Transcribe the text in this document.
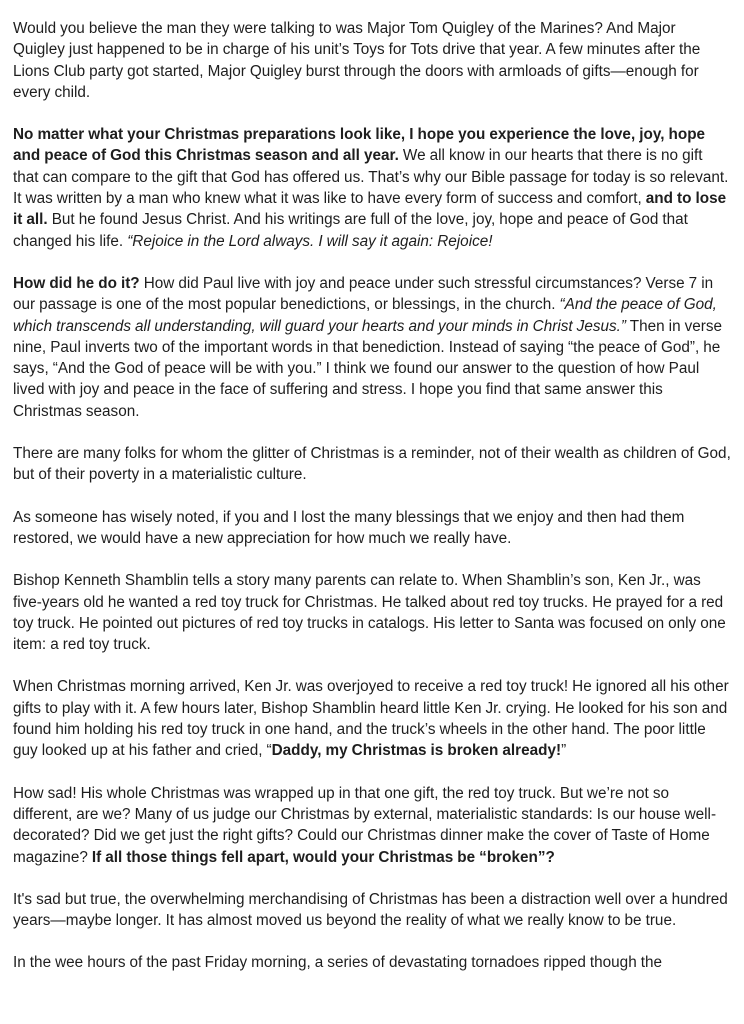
Would you believe the man they were talking to was Major Tom Quigley of the Marines? And Major Quigley just happened to be in charge of his unit’s Toys for Tots drive that year. A few minutes after the Lions Club party got started, Major Quigley burst through the doors with armloads of gifts—enough for every child.

No matter what your Christmas preparations look like, I hope you experience the love, joy, hope and peace of God this Christmas season and all year. We all know in our hearts that there is no gift that can compare to the gift that God has offered us. That’s why our Bible passage for today is so relevant. It was written by a man who knew what it was like to have every form of success and comfort, and to lose it all. But he found Jesus Christ. And his writings are full of the love, joy, hope and peace of God that changed his life. “Rejoice in the Lord always. I will say it again: Rejoice!

How did he do it? How did Paul live with joy and peace under such stressful circumstances? Verse 7 in our passage is one of the most popular benedictions, or blessings, in the church. “And the peace of God, which transcends all understanding, will guard your hearts and your minds in Christ Jesus.” Then in verse nine, Paul inverts two of the important words in that benediction. Instead of saying “the peace of God”, he says, “And the God of peace will be with you.” I think we found our answer to the question of how Paul lived with joy and peace in the face of suffering and stress. I hope you find that same answer this Christmas season.

There are many folks for whom the glitter of Christmas is a reminder, not of their wealth as children of God, but of their poverty in a materialistic culture.

As someone has wisely noted, if you and I lost the many blessings that we enjoy and then had them restored, we would have a new appreciation for how much we really have.

Bishop Kenneth Shamblin tells a story many parents can relate to. When Shamblin’s son, Ken Jr., was five-years old he wanted a red toy truck for Christmas. He talked about red toy trucks. He prayed for a red toy truck. He pointed out pictures of red toy trucks in catalogs. His letter to Santa was focused on only one item: a red toy truck.

When Christmas morning arrived, Ken Jr. was overjoyed to receive a red toy truck! He ignored all his other gifts to play with it. A few hours later, Bishop Shamblin heard little Ken Jr. crying. He looked for his son and found him holding his red toy truck in one hand, and the truck’s wheels in the other hand. The poor little guy looked up at his father and cried, “Daddy, my Christmas is broken already!”

How sad! His whole Christmas was wrapped up in that one gift, the red toy truck. But we’re not so different, are we? Many of us judge our Christmas by external, materialistic standards: Is our house well-decorated? Did we get just the right gifts? Could our Christmas dinner make the cover of Taste of Home magazine? If all those things fell apart, would your Christmas be “broken”?

It's sad but true, the overwhelming merchandising of Christmas has been a distraction well over a hundred years—maybe longer. It has almost moved us beyond the reality of what we really know to be true.

In the wee hours of the past Friday morning, a series of devastating tornadoes ripped though the
